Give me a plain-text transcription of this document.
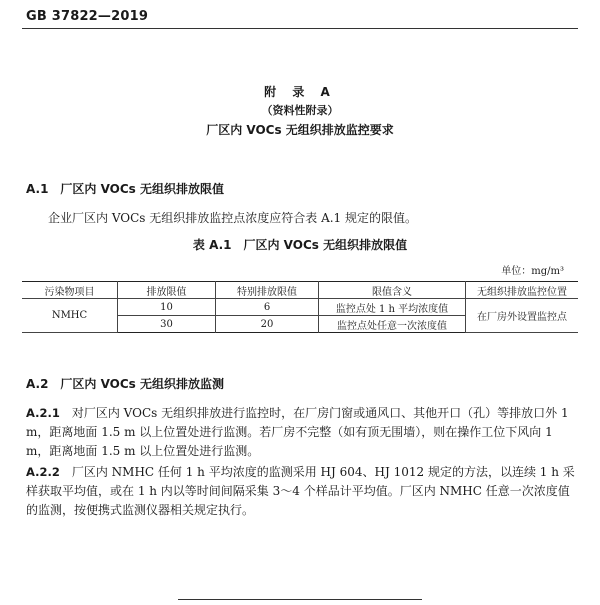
GB 37822—2019
附 录 A
（资料性附录）
厂区内 VOCs 无组织排放监控要求
A.1　厂区内 VOCs 无组织排放限值
企业厂区内 VOCs 无组织排放监控点浓度应符合表 A.1 规定的限值。
表 A.1　厂区内 VOCs 无组织排放限值
单位：mg/m³
污染物项目	排放限值	特别排放限值	限值含义	无组织排放监控位置
NMHC	10	6	监控点处 1 h 平均浓度值	在厂房外设置监控点
	30	20	监控点处任意一次浓度值	
A.2　厂区内 VOCs 无组织排放监测
A.2.1　对厂区内 VOCs 无组织排放进行监控时，在厂房门窗或通风口、其他开口（孔）等排放口外 1 m，距离地面 1.5 m 以上位置处进行监测。若厂房不完整（如有顶无围墙），则在操作工位下风向 1 m，距离地面 1.5 m 以上位置处进行监测。
A.2.2　厂区内 NMHC 任何 1 h 平均浓度的监测采用 HJ 604、HJ 1012 规定的方法，以连续 1 h 采样获取平均值，或在 1 h 内以等时间间隔采集 3～4 个样品计平均值。厂区内 NMHC 任意一次浓度值的监测，按便携式监测仪器相关规定执行。
